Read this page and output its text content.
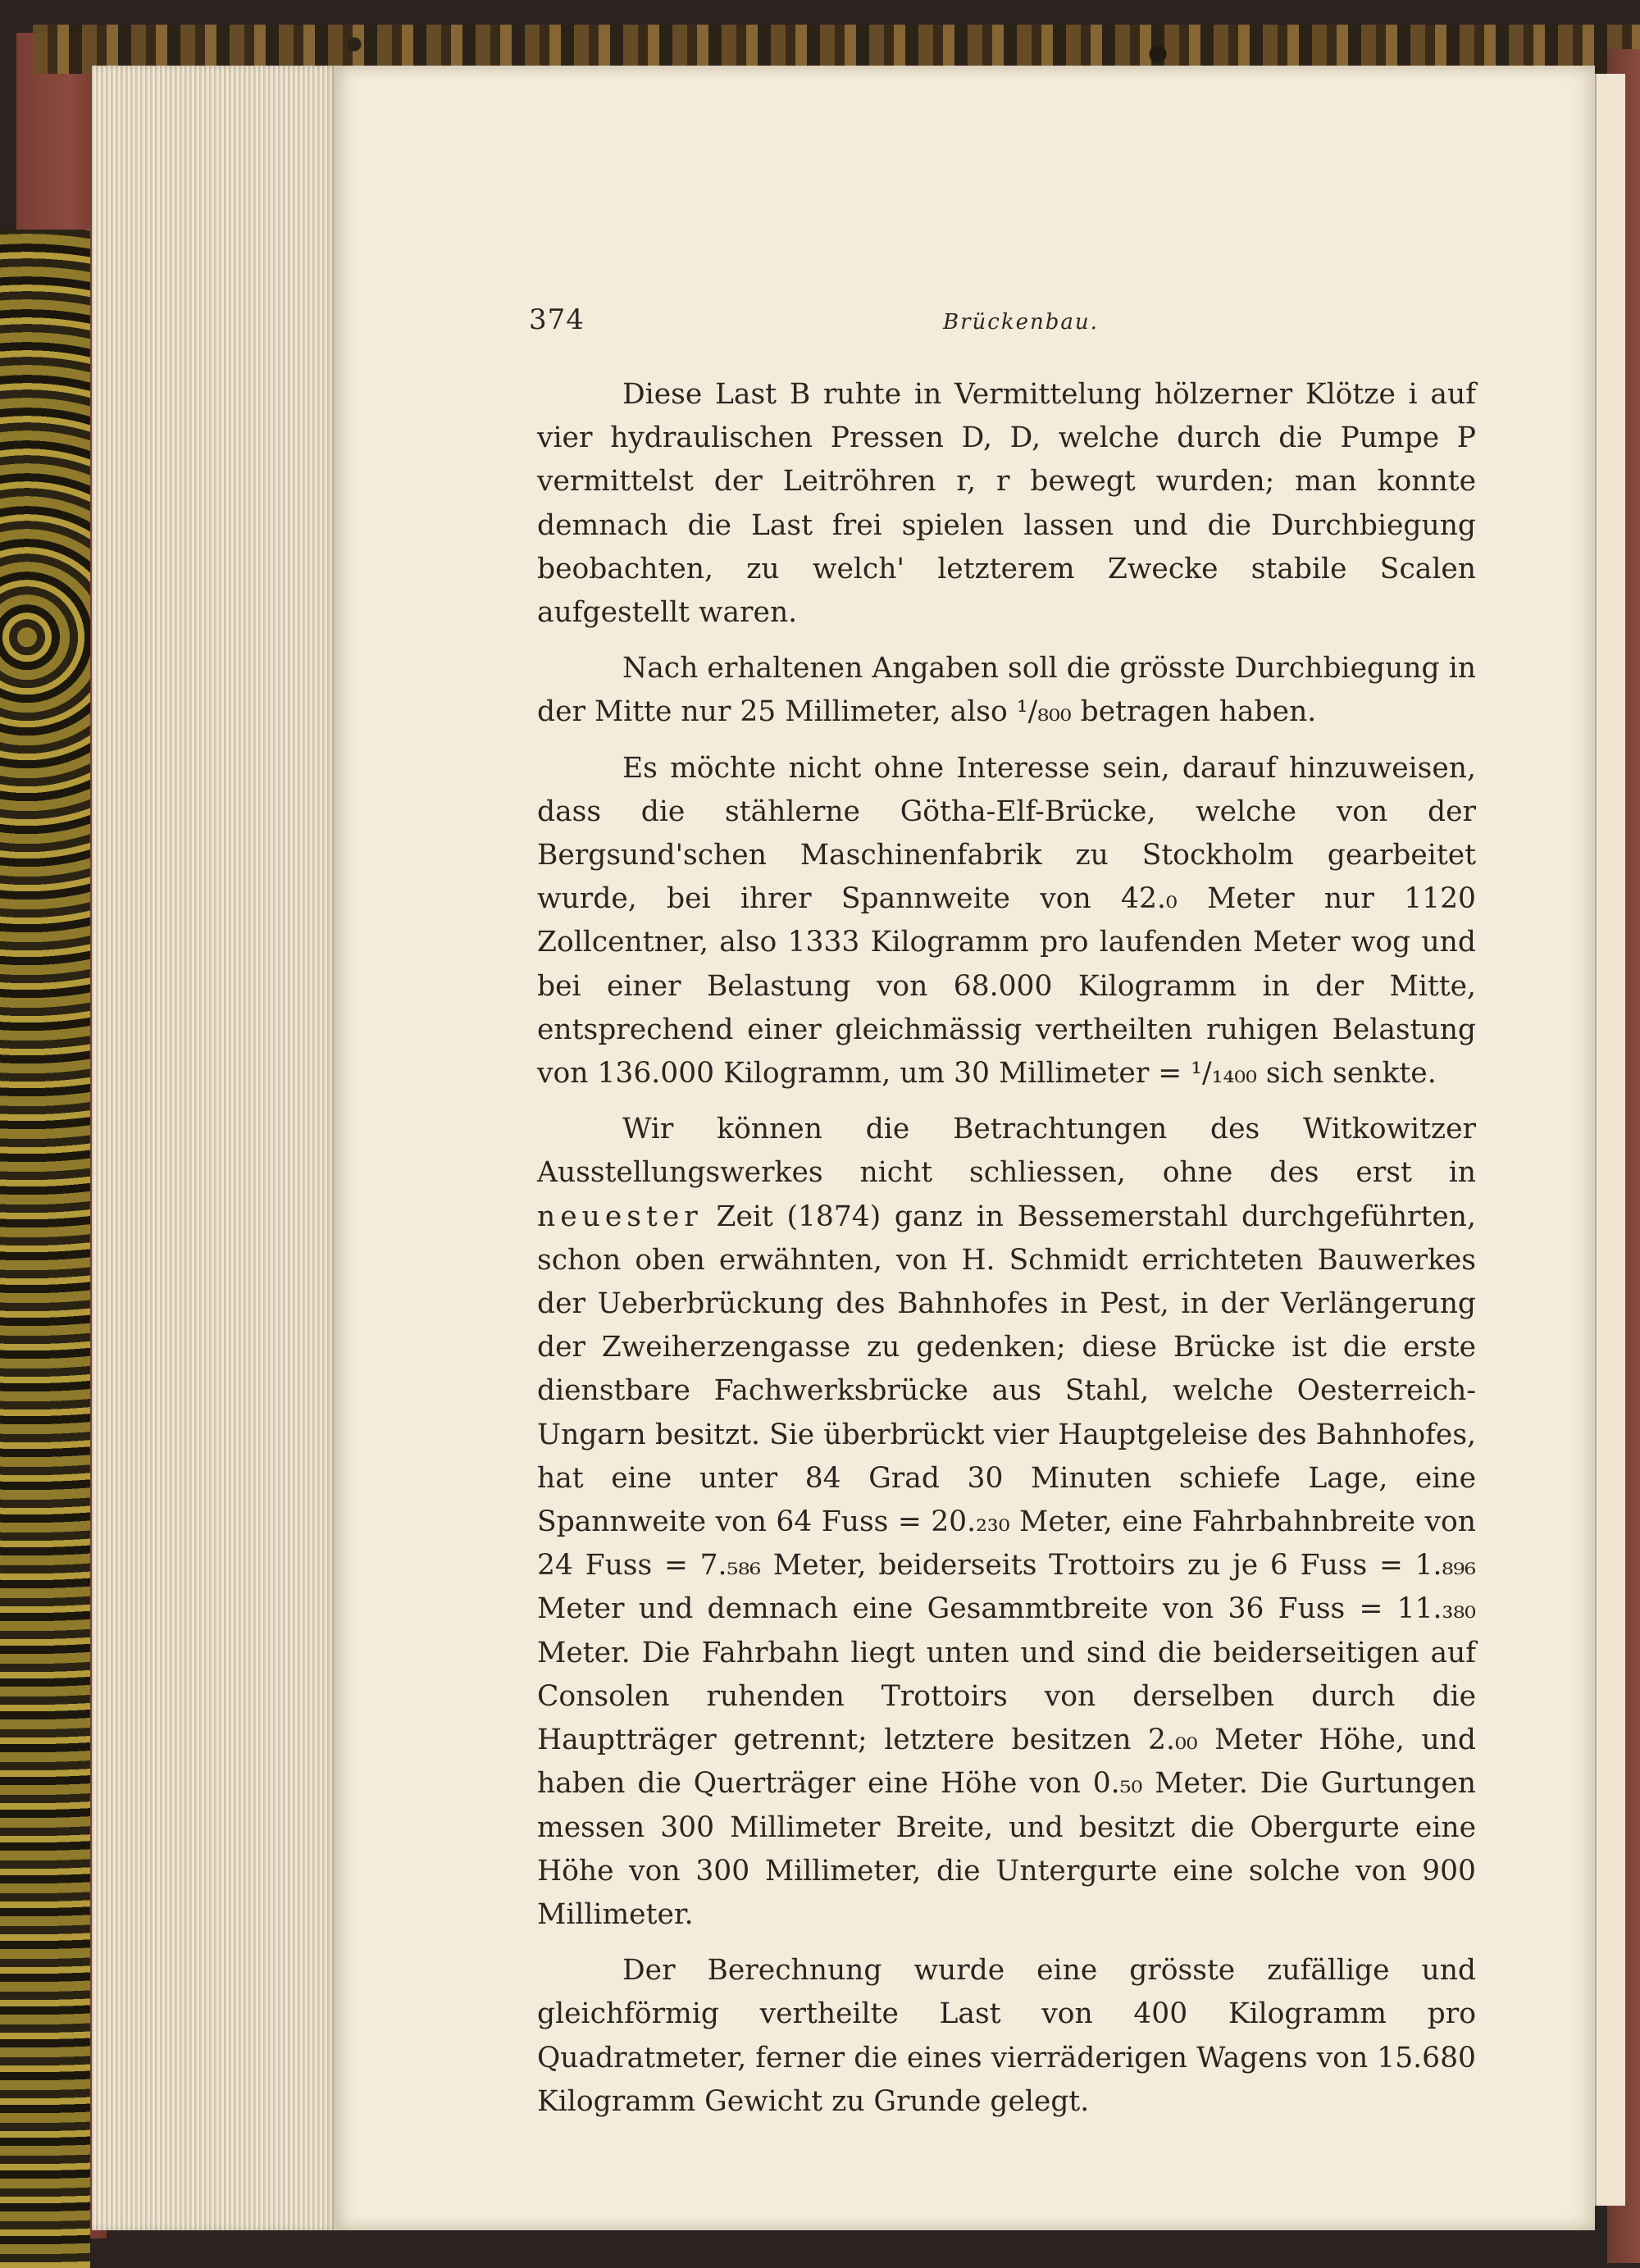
374	Brückenbau.

Diese Last B ruhte in Vermittelung hölzerner Klötze i auf vier hydraulischen Pressen D, D, welche durch die Pumpe P vermittelst der Leitröhren r, r bewegt wurden; man konnte demnach die Last frei spielen lassen und die Durchbiegung beobachten, zu welch' letzterem Zwecke stabile Scalen aufgestellt waren.

Nach erhaltenen Angaben soll die grösste Durchbiegung in der Mitte nur 25 Millimeter, also ¹/₈₀₀ betragen haben.

Es möchte nicht ohne Interesse sein, darauf hinzuweisen, dass die stählerne Götha-Elf-Brücke, welche von der Bergsund'schen Maschinenfabrik zu Stockholm gearbeitet wurde, bei ihrer Spannweite von 42.₀ Meter nur 1120 Zollcentner, also 1333 Kilogramm pro laufenden Meter wog und bei einer Belastung von 68.000 Kilogramm in der Mitte, entsprechend einer gleichmässig vertheilten ruhigen Belastung von 136.000 Kilogramm, um 30 Millimeter = ¹/₁₄₀₀ sich senkte.

Wir können die Betrachtungen des Witkowitzer Ausstellungswerkes nicht schliessen, ohne des erst in neuester Zeit (1874) ganz in Bessemerstahl durchgeführten, schon oben erwähnten, von H. Schmidt errichteten Bauwerkes der Ueberbrückung des Bahnhofes in Pest, in der Verlängerung der Zweiherzengasse zu gedenken; diese Brücke ist die erste dienstbare Fachwerksbrücke aus Stahl, welche Oesterreich-Ungarn besitzt. Sie überbrückt vier Hauptgeleise des Bahnhofes, hat eine unter 84 Grad 30 Minuten schiefe Lage, eine Spannweite von 64 Fuss = 20.₂₃₀ Meter, eine Fahrbahnbreite von 24 Fuss = 7.₅₈₆ Meter, beiderseits Trottoirs zu je 6 Fuss = 1.₈₉₆ Meter und demnach eine Gesammtbreite von 36 Fuss = 11.₃₈₀ Meter. Die Fahrbahn liegt unten und sind die beiderseitigen auf Consolen ruhenden Trottoirs von derselben durch die Hauptträger getrennt; letztere besitzen 2.₀₀ Meter Höhe, und haben die Querträger eine Höhe von 0.₅₀ Meter. Die Gurtungen messen 300 Millimeter Breite, und besitzt die Obergurte eine Höhe von 300 Millimeter, die Untergurte eine solche von 900 Millimeter.

Der Berechnung wurde eine grösste zufällige und gleichförmig vertheilte Last von 400 Kilogramm pro Quadratmeter, ferner die eines vierräderigen Wagens von 15.680 Kilogramm Gewicht zu Grunde gelegt.
